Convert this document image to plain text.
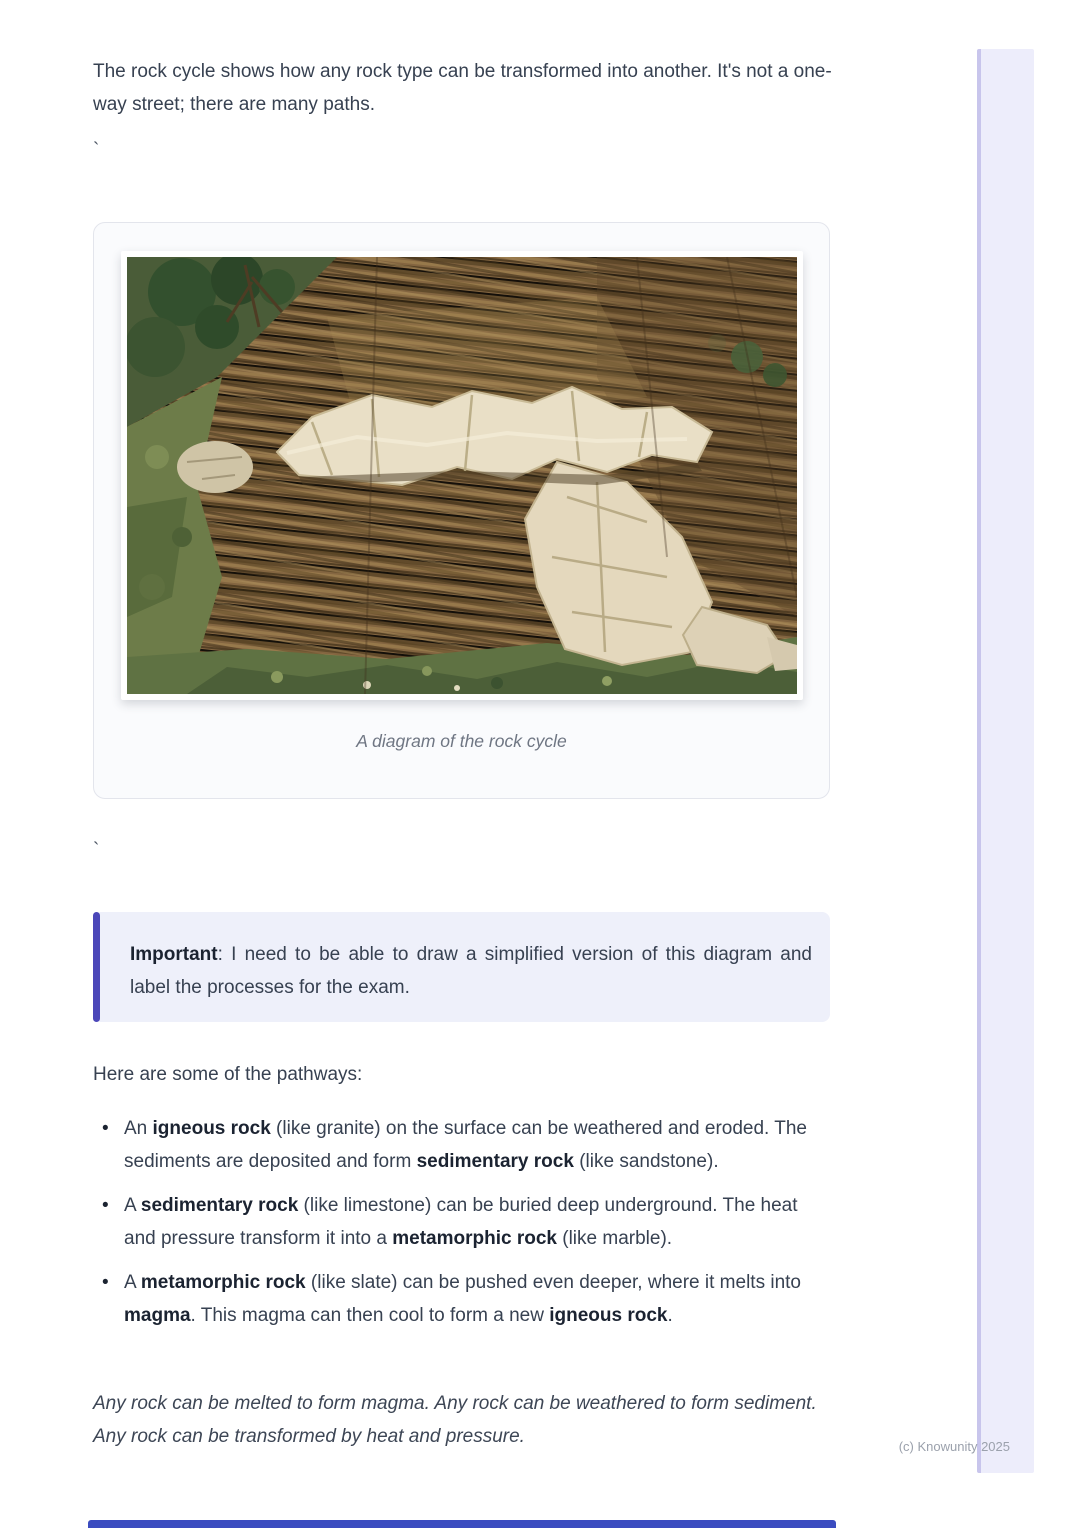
The rock cycle shows how any rock type can be transformed into another. It's not a one-way street; there are many paths.

`

A diagram of the rock cycle

`

Important: I need to be able to draw a simplified version of this diagram and label the processes for the exam.

Here are some of the pathways:

• An igneous rock (like granite) on the surface can be weathered and eroded. The sediments are deposited and form sedimentary rock (like sandstone).
• A sedimentary rock (like limestone) can be buried deep underground. The heat and pressure transform it into a metamorphic rock (like marble).
• A metamorphic rock (like slate) can be pushed even deeper, where it melts into magma. This magma can then cool to form a new igneous rock.

Any rock can be melted to form magma. Any rock can be weathered to form sediment. Any rock can be transformed by heat and pressure.	(c) Knowunity 2025
